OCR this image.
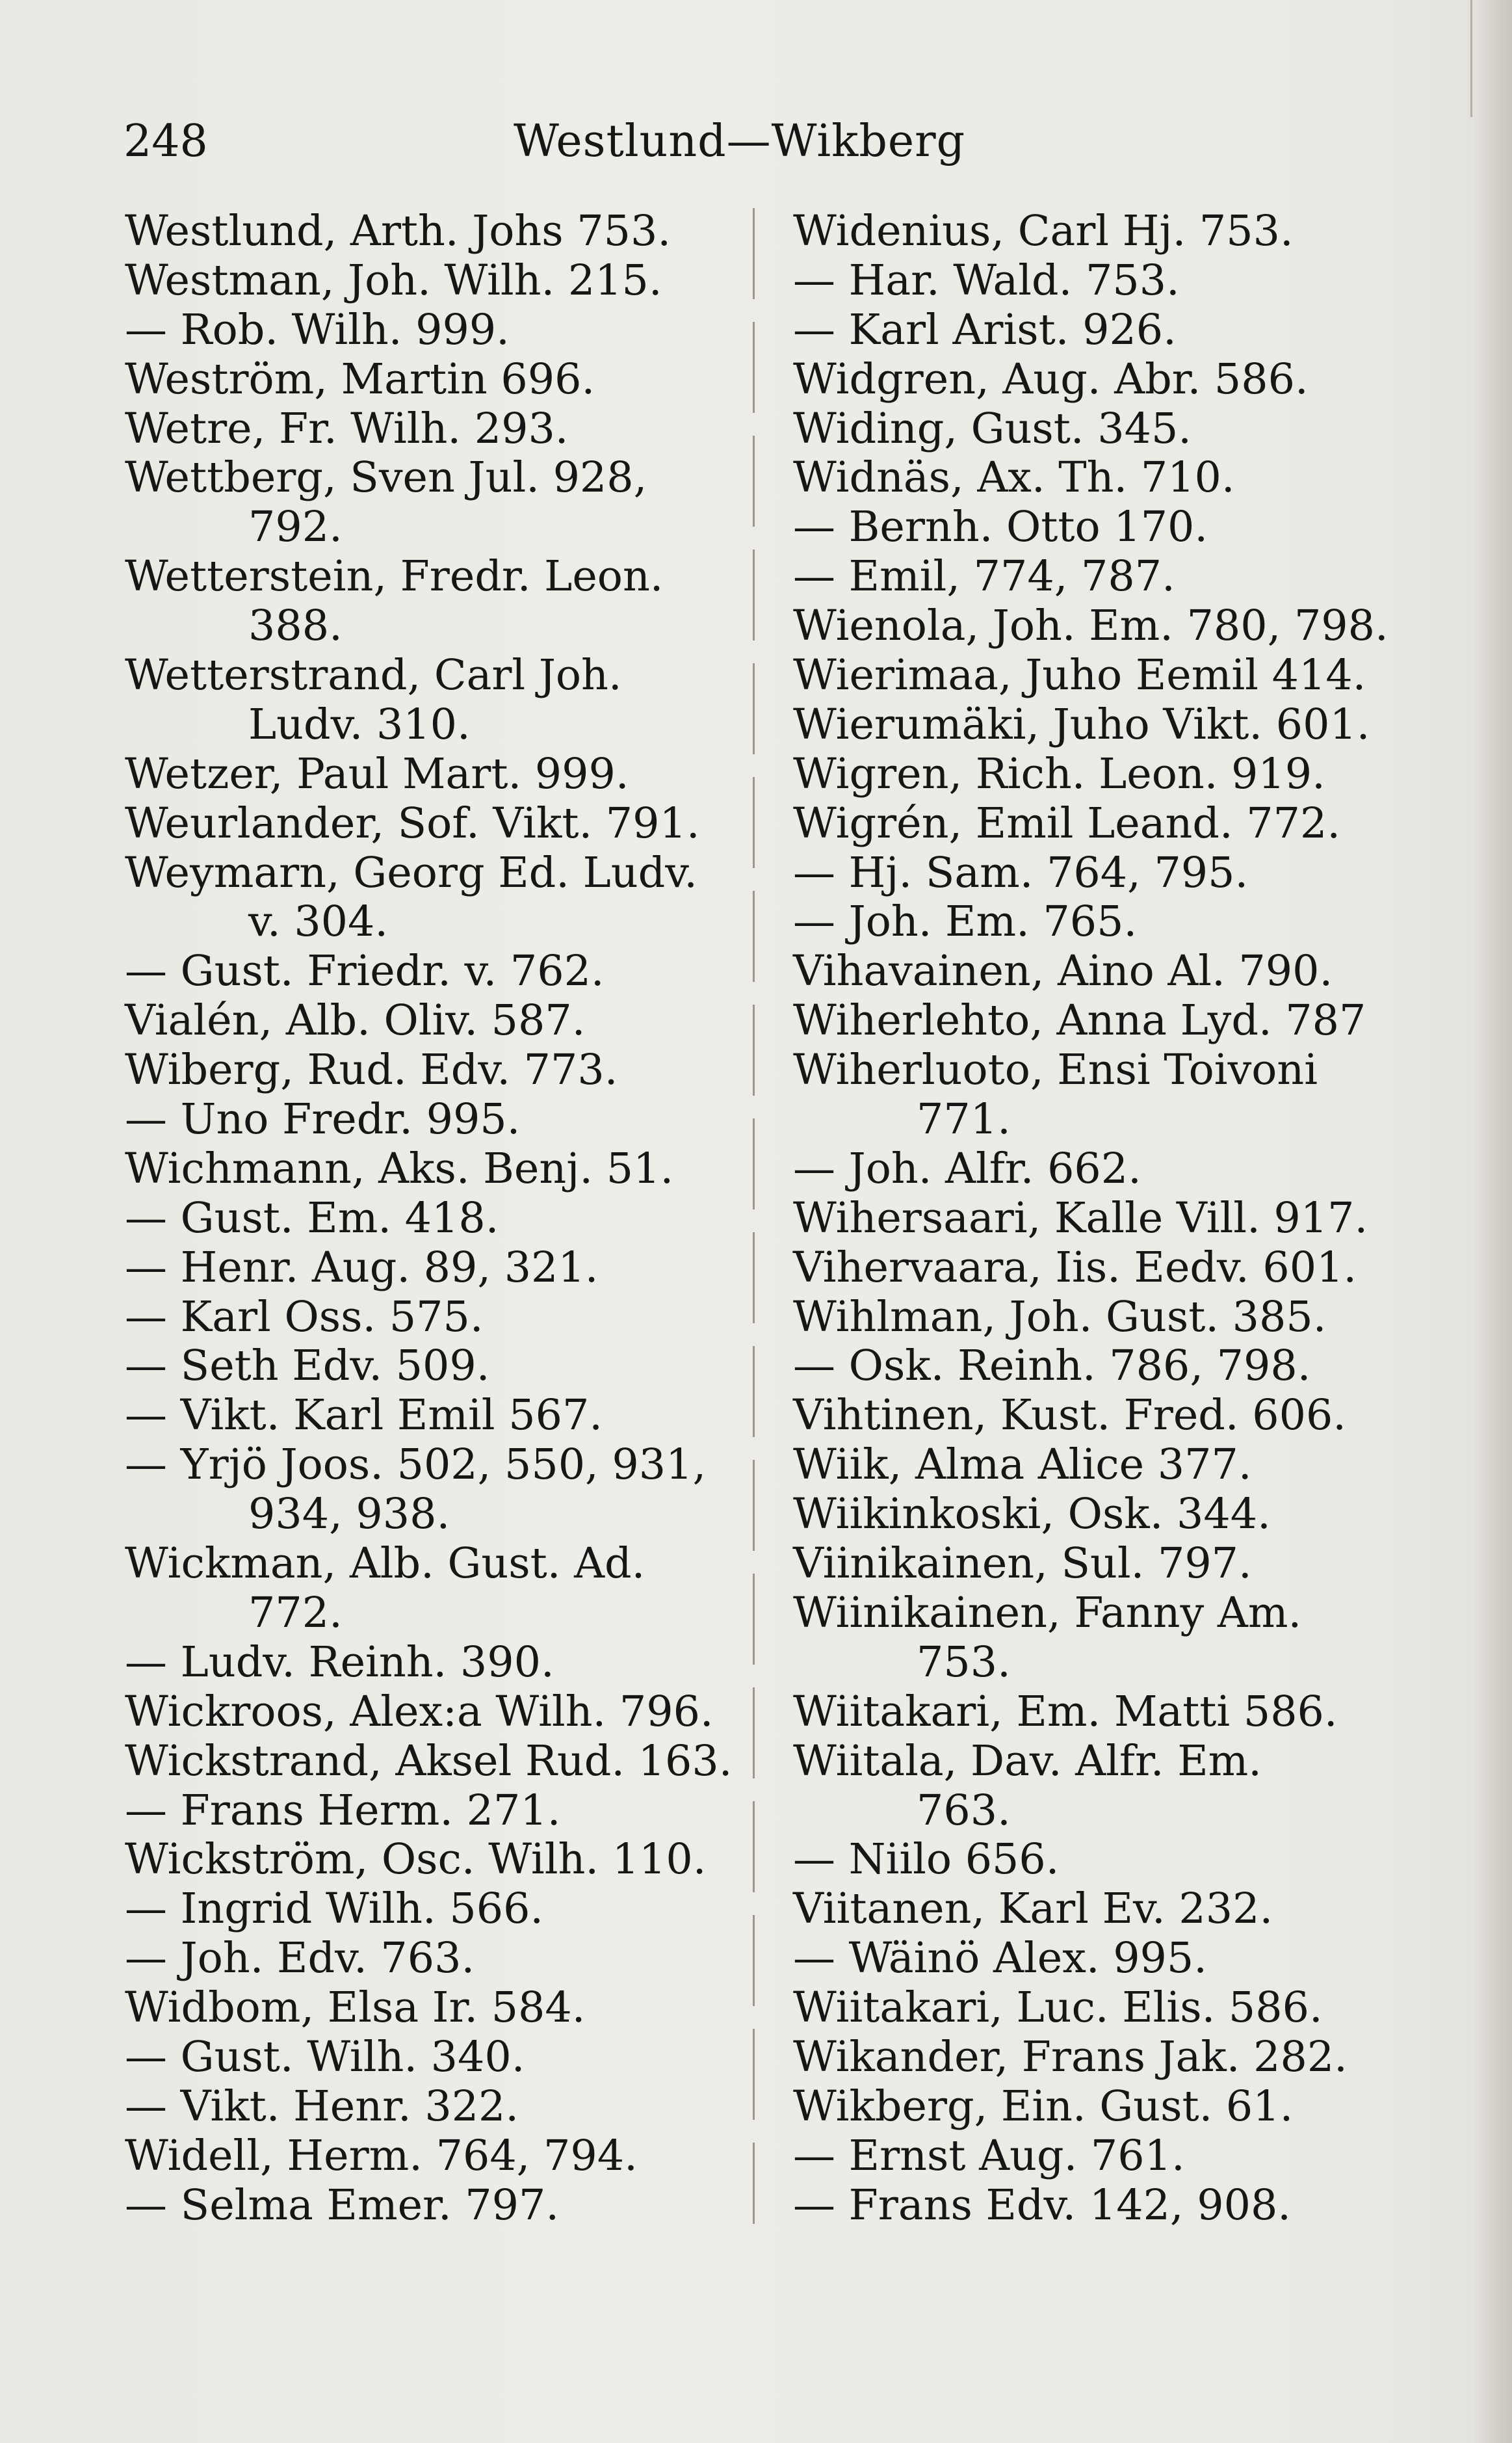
248	Westlund—Wikberg
Westlund, Arth. Johs 753.
Westman, Joh. Wilh. 215.
— Rob. Wilh. 999.
Weström, Martin 696.
Wetre, Fr. Wilh. 293.
Wettberg, Sven Jul. 928,
792.
Wetterstein, Fredr. Leon.
388.
Wetterstrand, Carl Joh.
Ludv. 310.
Wetzer, Paul Mart. 999.
Weurlander, Sof. Vikt. 791.
Weymarn, Georg Ed. Ludv.
v. 304.
— Gust. Friedr. v. 762.
Vialén, Alb. Oliv. 587.
Wiberg, Rud. Edv. 773.
— Uno Fredr. 995.
Wichmann, Aks. Benj. 51.
— Gust. Em. 418.
— Henr. Aug. 89, 321.
— Karl Oss. 575.
— Seth Edv. 509.
— Vikt. Karl Emil 567.
— Yrjö Joos. 502, 550, 931,
934, 938.
Wickman, Alb. Gust. Ad.
772.
— Ludv. Reinh. 390.
Wickroos, Alex:a Wilh. 796.
Wickstrand, Aksel Rud. 163.
— Frans Herm. 271.
Wickström, Osc. Wilh. 110.
— Ingrid Wilh. 566.
— Joh. Edv. 763.
Widbom, Elsa Ir. 584.
— Gust. Wilh. 340.
— Vikt. Henr. 322.
Widell, Herm. 764, 794.
— Selma Emer. 797.
Widenius, Carl Hj. 753.
— Har. Wald. 753.
— Karl Arist. 926.
Widgren, Aug. Abr. 586.
Widing, Gust. 345.
Widnäs, Ax. Th. 710.
— Bernh. Otto 170.
— Emil, 774, 787.
Wienola, Joh. Em. 780, 798.
Wierimaa, Juho Eemil 414.
Wierumäki, Juho Vikt. 601.
Wigren, Rich. Leon. 919.
Wigrén, Emil Leand. 772.
— Hj. Sam. 764, 795.
— Joh. Em. 765.
Vihavainen, Aino Al. 790.
Wiherlehto, Anna Lyd. 787
Wiherluoto, Ensi Toivoni
771.
— Joh. Alfr. 662.
Wihersaari, Kalle Vill. 917.
Vihervaara, Iis. Eedv. 601.
Wihlman, Joh. Gust. 385.
— Osk. Reinh. 786, 798.
Vihtinen, Kust. Fred. 606.
Wiik, Alma Alice 377.
Wiikinkoski, Osk. 344.
Viinikainen, Sul. 797.
Wiinikainen, Fanny Am.
753.
Wiitakari, Em. Matti 586.
Wiitala, Dav. Alfr. Em.
763.
— Niilo 656.
Viitanen, Karl Ev. 232.
— Wäinö Alex. 995.
Wiitakari, Luc. Elis. 586.
Wikander, Frans Jak. 282.
Wikberg, Ein. Gust. 61.
— Ernst Aug. 761.
— Frans Edv. 142, 908.
